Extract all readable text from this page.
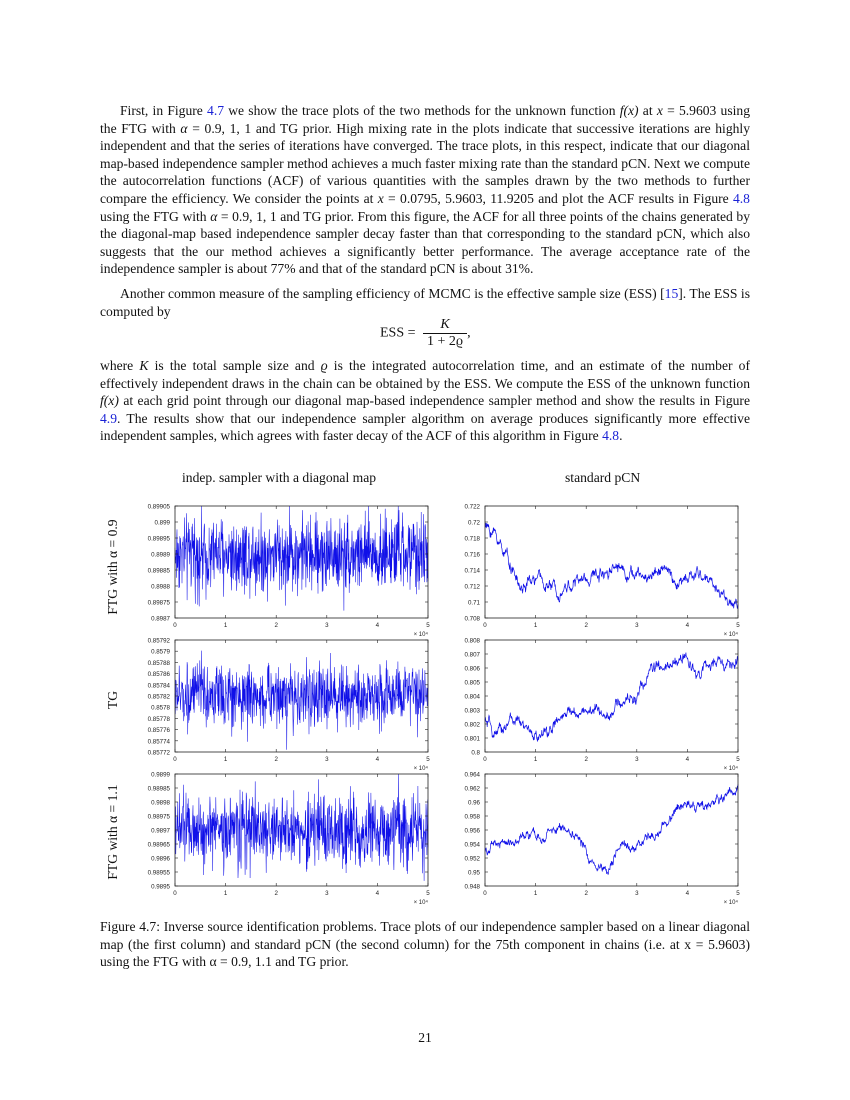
First, in Figure 4.7 we show the trace plots of the two methods for the unknown function f(x) at x = 5.9603 using the FTG with α = 0.9, 1, 1 and TG prior. High mixing rate in the plots indicate that successive iterations are highly independent and that the series of iterations have converged. The trace plots, in this respect, indicate that our diagonal map-based independence sampler method achieves a much faster mixing rate than the standard pCN. Next we compute the autocorrelation functions (ACF) of various quantities with the samples drawn by the two methods to further compare the efficiency. We consider the points at x = 0.0795, 5.9603, 11.9205 and plot the ACF results in Figure 4.8 using the FTG with α = 0.9, 1, 1 and TG prior. From this figure, the ACF for all three points of the chains generated by the diagonal-map based independence sampler decay faster than that corresponding to the standard pCN, which also suggests that the our method achieves a significantly better performance. The average acceptance rate of the independence sampler is about 77% and that of the standard pCN is about 31%.
Another common measure of the sampling efficiency of MCMC is the effective sample size (ESS) [15]. The ESS is computed by
ESS = $\frac{K}{1 + 2ϱ}$ ,
where K is the total sample size and ϱ is the integrated autocorrelation time, and an estimate of the number of effectively independent draws in the chain can be obtained by the ESS. We compute the ESS of the unknown function f(x) at each grid point through our diagonal map-based independence sampler method and show the results in Figure 4.9. The results show that our independence sampler algorithm on average produces significantly more effective independent samples, which agrees with faster decay of the ACF of this algorithm in Figure 4.8.
indep. sampler with a diagonal map	standard pCN
FTG with α = 0.9
TG
FTG with α = 1.1
0.8987
0.89875
0.8988
0.89885
0.8989
0.89895
0.899
0.89905
0	1	2	3	4	5
× 10⁴
0.708
0.71
0.712
0.714
0.716
0.718
0.72
0.722
0	1	2	3	4	5
× 10⁴
0.85772
0.85774
0.85776
0.85778
0.8578
0.85782
0.85784
0.85786
0.85788
0.8579
0.85792
0	1	2	3	4	5
× 10⁴
0.8
0.801
0.802
0.803
0.804
0.805
0.806
0.807
0.808
0	1	2	3	4	5
× 10⁴
0.9895
0.98955
0.9896
0.98965
0.9897
0.98975
0.9898
0.98985
0.9899
0	1	2	3	4	5
× 10⁴
0.948
0.95
0.952
0.954
0.956
0.958
0.96
0.962
0.964
0	1	2	3	4	5
× 10⁴
Figure 4.7: Inverse source identification problems. Trace plots of our independence sampler based on a linear diagonal map (the first column) and standard pCN (the second column) for the 75th component in chains (i.e. at x = 5.9603) using the FTG with α = 0.9, 1.1 and TG prior.
21
